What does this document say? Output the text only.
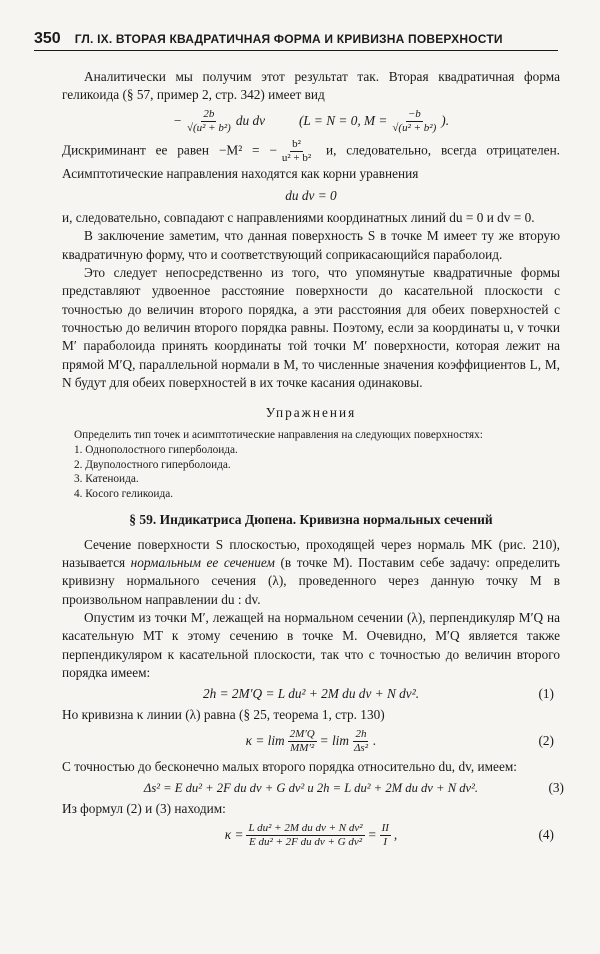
350 ГЛ. IX. ВТОРАЯ КВАДРАТИЧНАЯ ФОРМА И КРИВИЗНА ПОВЕРХНОСТИ

Аналитически мы получим этот результат так. Вторая квадратичная форма геликоида (§ 57, пример 2, стр. 342) имеет вид

− $\frac{2b}{\text{√(u² + b²)}}$ du dv	(L = N = 0, $M = \frac{-b}{\text{√(u² + b²)}}$ ).

Дискриминант ее равен −M² = − $\frac{\text{b²}}{\text{u² + b²}} и$, следовательно, всегда отрицателен. Асимптотические направления находятся как корни уравнения

du dv = 0

и, следовательно, совпадают с направлениями координатных линий du = 0 и dv = 0.

В заключение заметим, что данная поверхность S в точке M имеет ту же вторую квадратичную форму, что и соответствующий соприкасающийся параболоид.

Это следует непосредственно из того, что упомянутые квадратичные формы представляют удвоенное расстояние поверхности до касательной плоскости с точностью до величин второго порядка, а эти расстояния для обеих поверхностей с точностью до величин второго порядка равны. Поэтому, если за координаты u, v точки M′ параболоида принять координаты той точки M′ поверхности, которая лежит на прямой M′Q, параллельной нормали в M, то численные значения коэффициентов L, M, N будут для обеих поверхностей в их точке касания одинаковы.

Упражнения

Определить тип точек и асимптотические направления на следующих поверхностях:

1. Однополостного гиперболоида.
2. Двуполостного гиперболоида.
3. Катеноида.
4. Косого геликоида.
§ 59. Индикатриса Дюпена. Кривизна нормальных сечений

Сечение поверхности S плоскостью, проходящей через нормаль MK (рис. 210), называется нормальным ее сечением (в точке M). Поставим себе задачу: определить кривизну нормального сечения (λ), проведенного через данную точку M в произвольном направлении du : dv.

Опустим из точки M′, лежащей на нормальном сечении (λ), перпендикуляр M′Q на касательную MT к этому сечению в точке M. Очевидно, M′Q является также перпендикуляром к касательной плоскости, так что с точностью до величин второго порядка имеем:

2h = 2M′Q = L du² + 2M du dv + N dv².	(1)

Но кривизна κ линии (λ) равна (§ 25, теорема 1, стр. 130)

$\kappa = \lim \frac{2M'Q}{\text{MM′²}} = \lim \frac{2h}{\text{Δs²}}$ .	(2)

С точностью до бесконечно малых второго порядка относительно du, dv, имеем:

Δs² = E du² + 2F du dv + G dv² и 2h = L du² + 2M du dv + N dv².	(3)

Из формул (2) и (3) находим:

$\kappa = \frac{\text{L du² + 2M du dv + N dv²}}{\text{E du² + 2F du dv + G dv²}} = \frac{II}{I}$ ,	(4)
